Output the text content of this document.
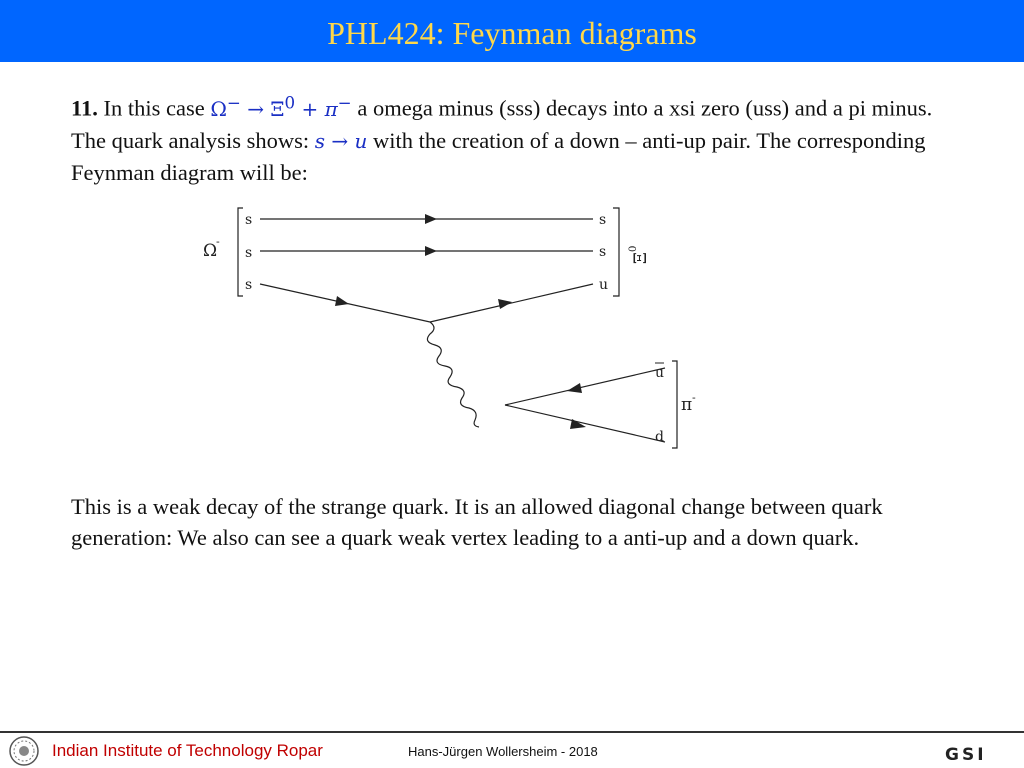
PHL424: Feynman diagrams
11. In this case $\Omega^- \to \Xi^0 + \pi^-$ a omega minus (sss) decays into a xsi zero (uss) and a pi minus. The quark analysis shows: s → u with the creation of a down – anti-up pair. The corresponding Feynman diagram will be:
Ω
-
s
s
s
s
s
u
Ξ
0
u
d
π -
This is a weak decay of the strange quark. It is an allowed diagonal change between quark generation: We also can see a quark weak vertex leading to a anti-up and a down quark.
Indian Institute of Technology Ropar	Hans-Jürgen Wollersheim - 2018	GSI
